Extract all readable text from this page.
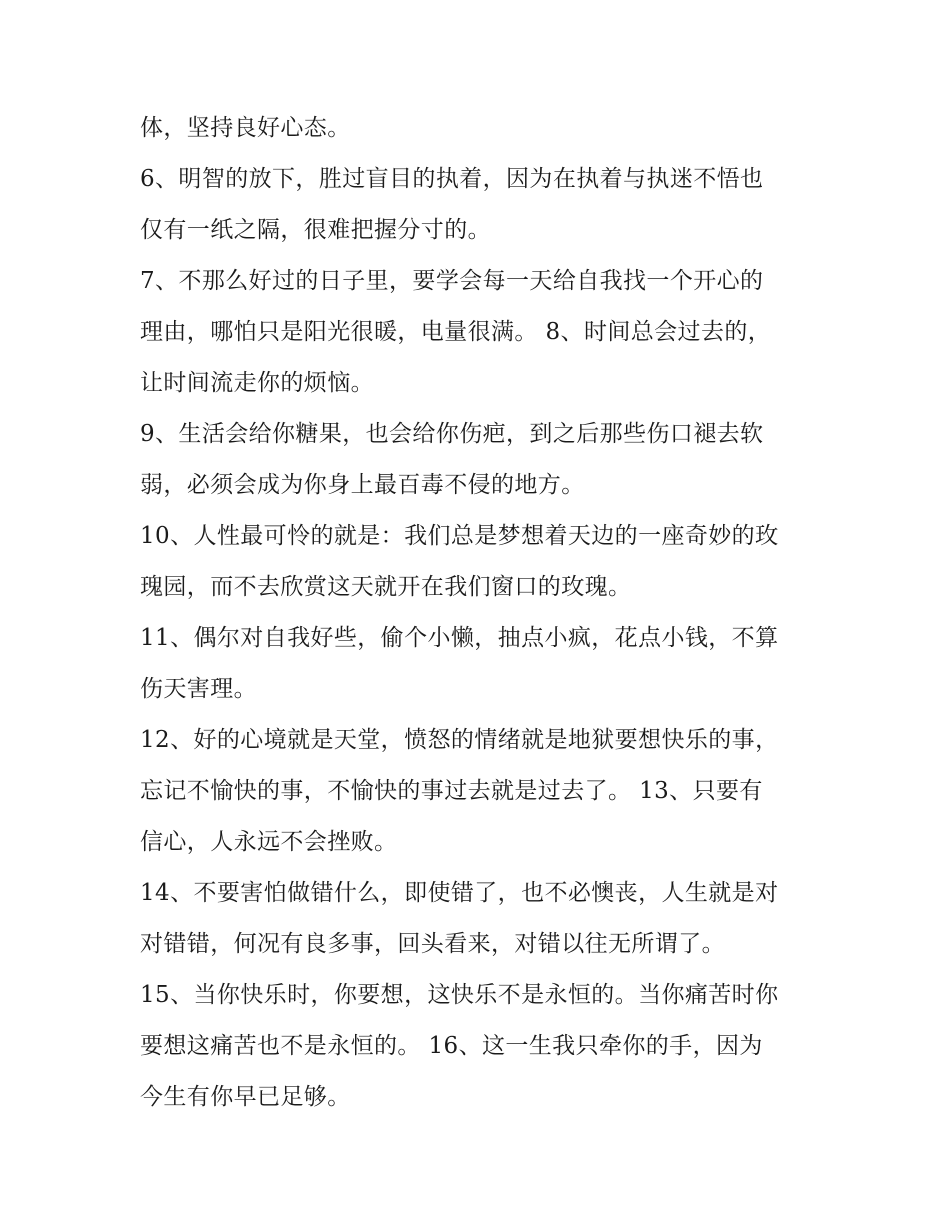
体，坚持良好心态。
6、明智的放下，胜过盲目的执着，因为在执着与执迷不悟也
仅有一纸之隔，很难把握分寸的。
7、不那么好过的日子里，要学会每一天给自我找一个开心的
理由，哪怕只是阳光很暖，电量很满。 8、时间总会过去的，
让时间流走你的烦恼。
9、生活会给你糖果，也会给你伤疤，到之后那些伤口褪去软
弱，必须会成为你身上最百毒不侵的地方。
10、人性最可怜的就是：我们总是梦想着天边的一座奇妙的玫
瑰园，而不去欣赏这天就开在我们窗口的玫瑰。
11、偶尔对自我好些，偷个小懒，抽点小疯，花点小钱，不算
伤天害理。
12、好的心境就是天堂，愤怒的情绪就是地狱要想快乐的事，
忘记不愉快的事，不愉快的事过去就是过去了。 13、只要有
信心，人永远不会挫败。
14、不要害怕做错什么，即使错了，也不必懊丧，人生就是对
对错错，何况有良多事，回头看来，对错以往无所谓了。
15、当你快乐时，你要想，这快乐不是永恒的。当你痛苦时你
要想这痛苦也不是永恒的。 16、这一生我只牵你的手，因为
今生有你早已足够。
